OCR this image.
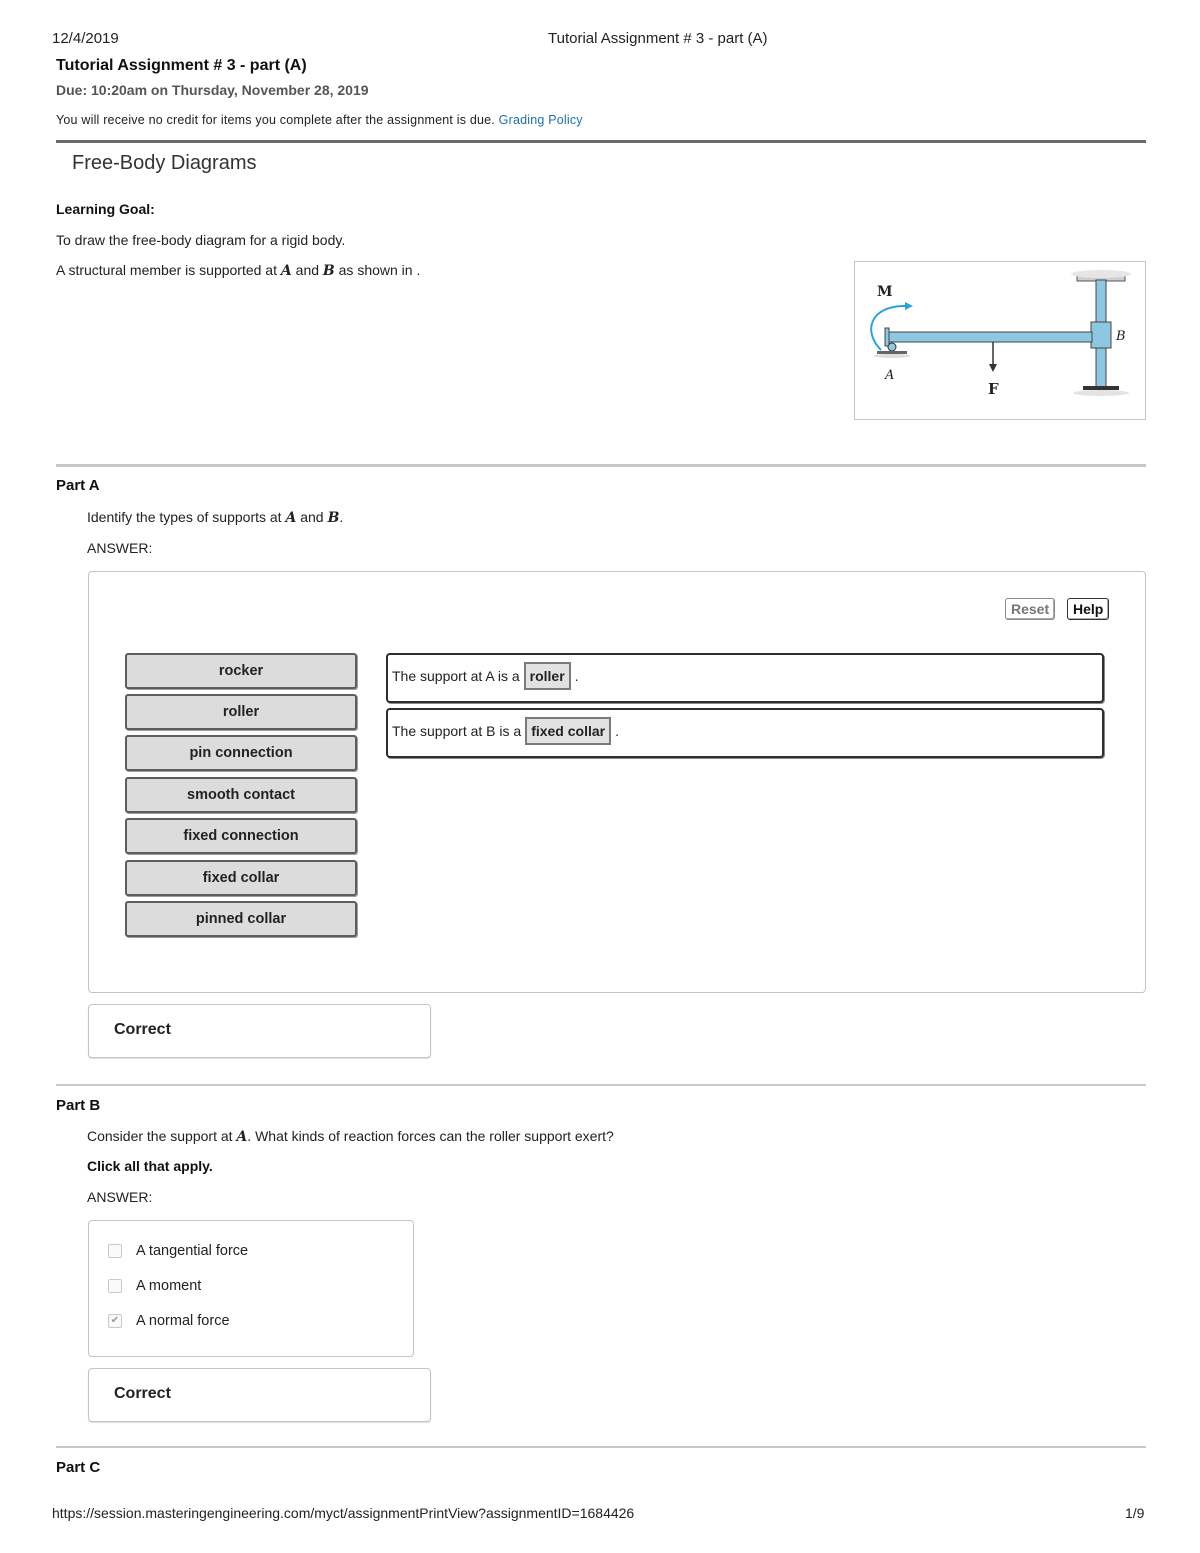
12/4/2019	Tutorial Assignment # 3 - part (A)
Tutorial Assignment # 3 - part (A)
Due: 10:20am on Thursday, November 28, 2019
You will receive no credit for items you complete after the assignment is due. Grading Policy
Free-Body Diagrams
Learning Goal:
To draw the free-body diagram for a rigid body.
A structural member is supported at A and B as shown in .
M
A
B
F
Part A
Identify the types of supports at A and B.
ANSWER:
Reset	Help
rocker
roller
pin connection
smooth contact
fixed connection
fixed collar
pinned collar
The support at A is a roller .
The support at B is a fixed collar .
Correct
Part B
Consider the support at A. What kinds of reaction forces can the roller support exert?
Click all that apply.
ANSWER:
A tangential force
A moment
✔ A normal force
Correct
Part C
https://session.masteringengineering.com/myct/assignmentPrintView?assignmentID=1684426	1/9
